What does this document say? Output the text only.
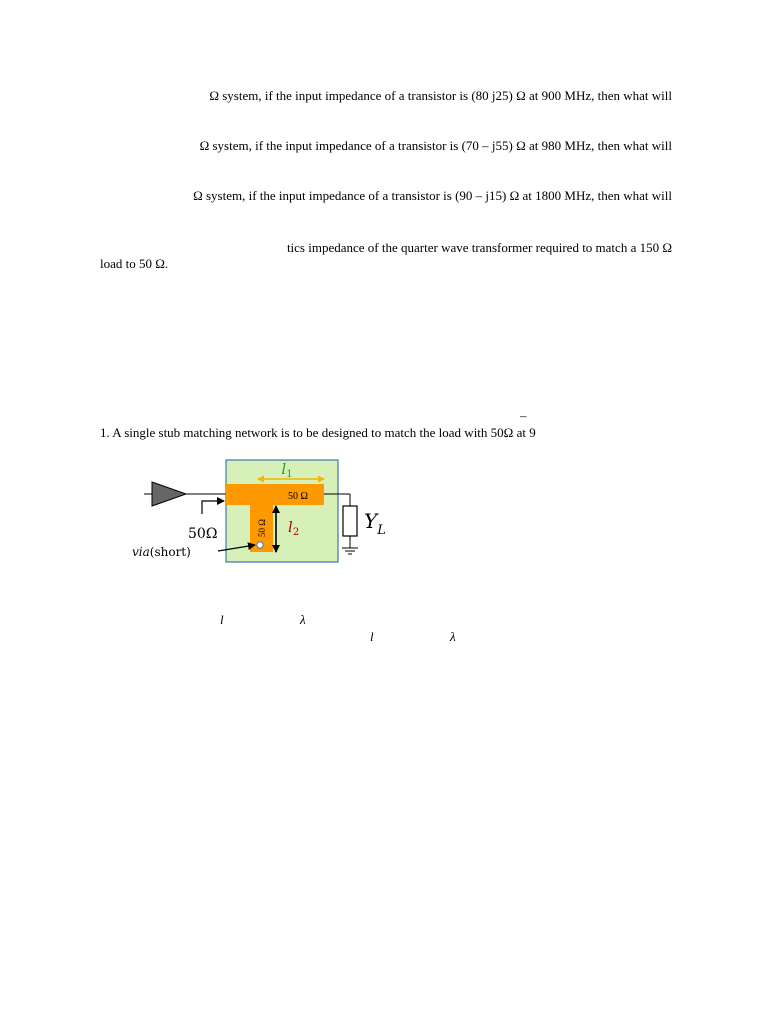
Ω system, if the input impedance of a transistor is (80 j25) Ω at 900 MHz, then what will
Ω system, if the input impedance of a transistor is (70 – j55) Ω at 980 MHz, then what will
Ω system, if the input impedance of a transistor is (90 – j15) Ω at 1800 MHz, then what will
tics impedance of the quarter wave transformer required to match a 150 Ω
load to 50 Ω.
–
1. A single stub matching network is to be designed to match the load with 50Ω at 9
50 Ω
50 Ω
$l_1$
$l_2$
50Ω
via(short)
$Y_L$
l	λ
l	λ
